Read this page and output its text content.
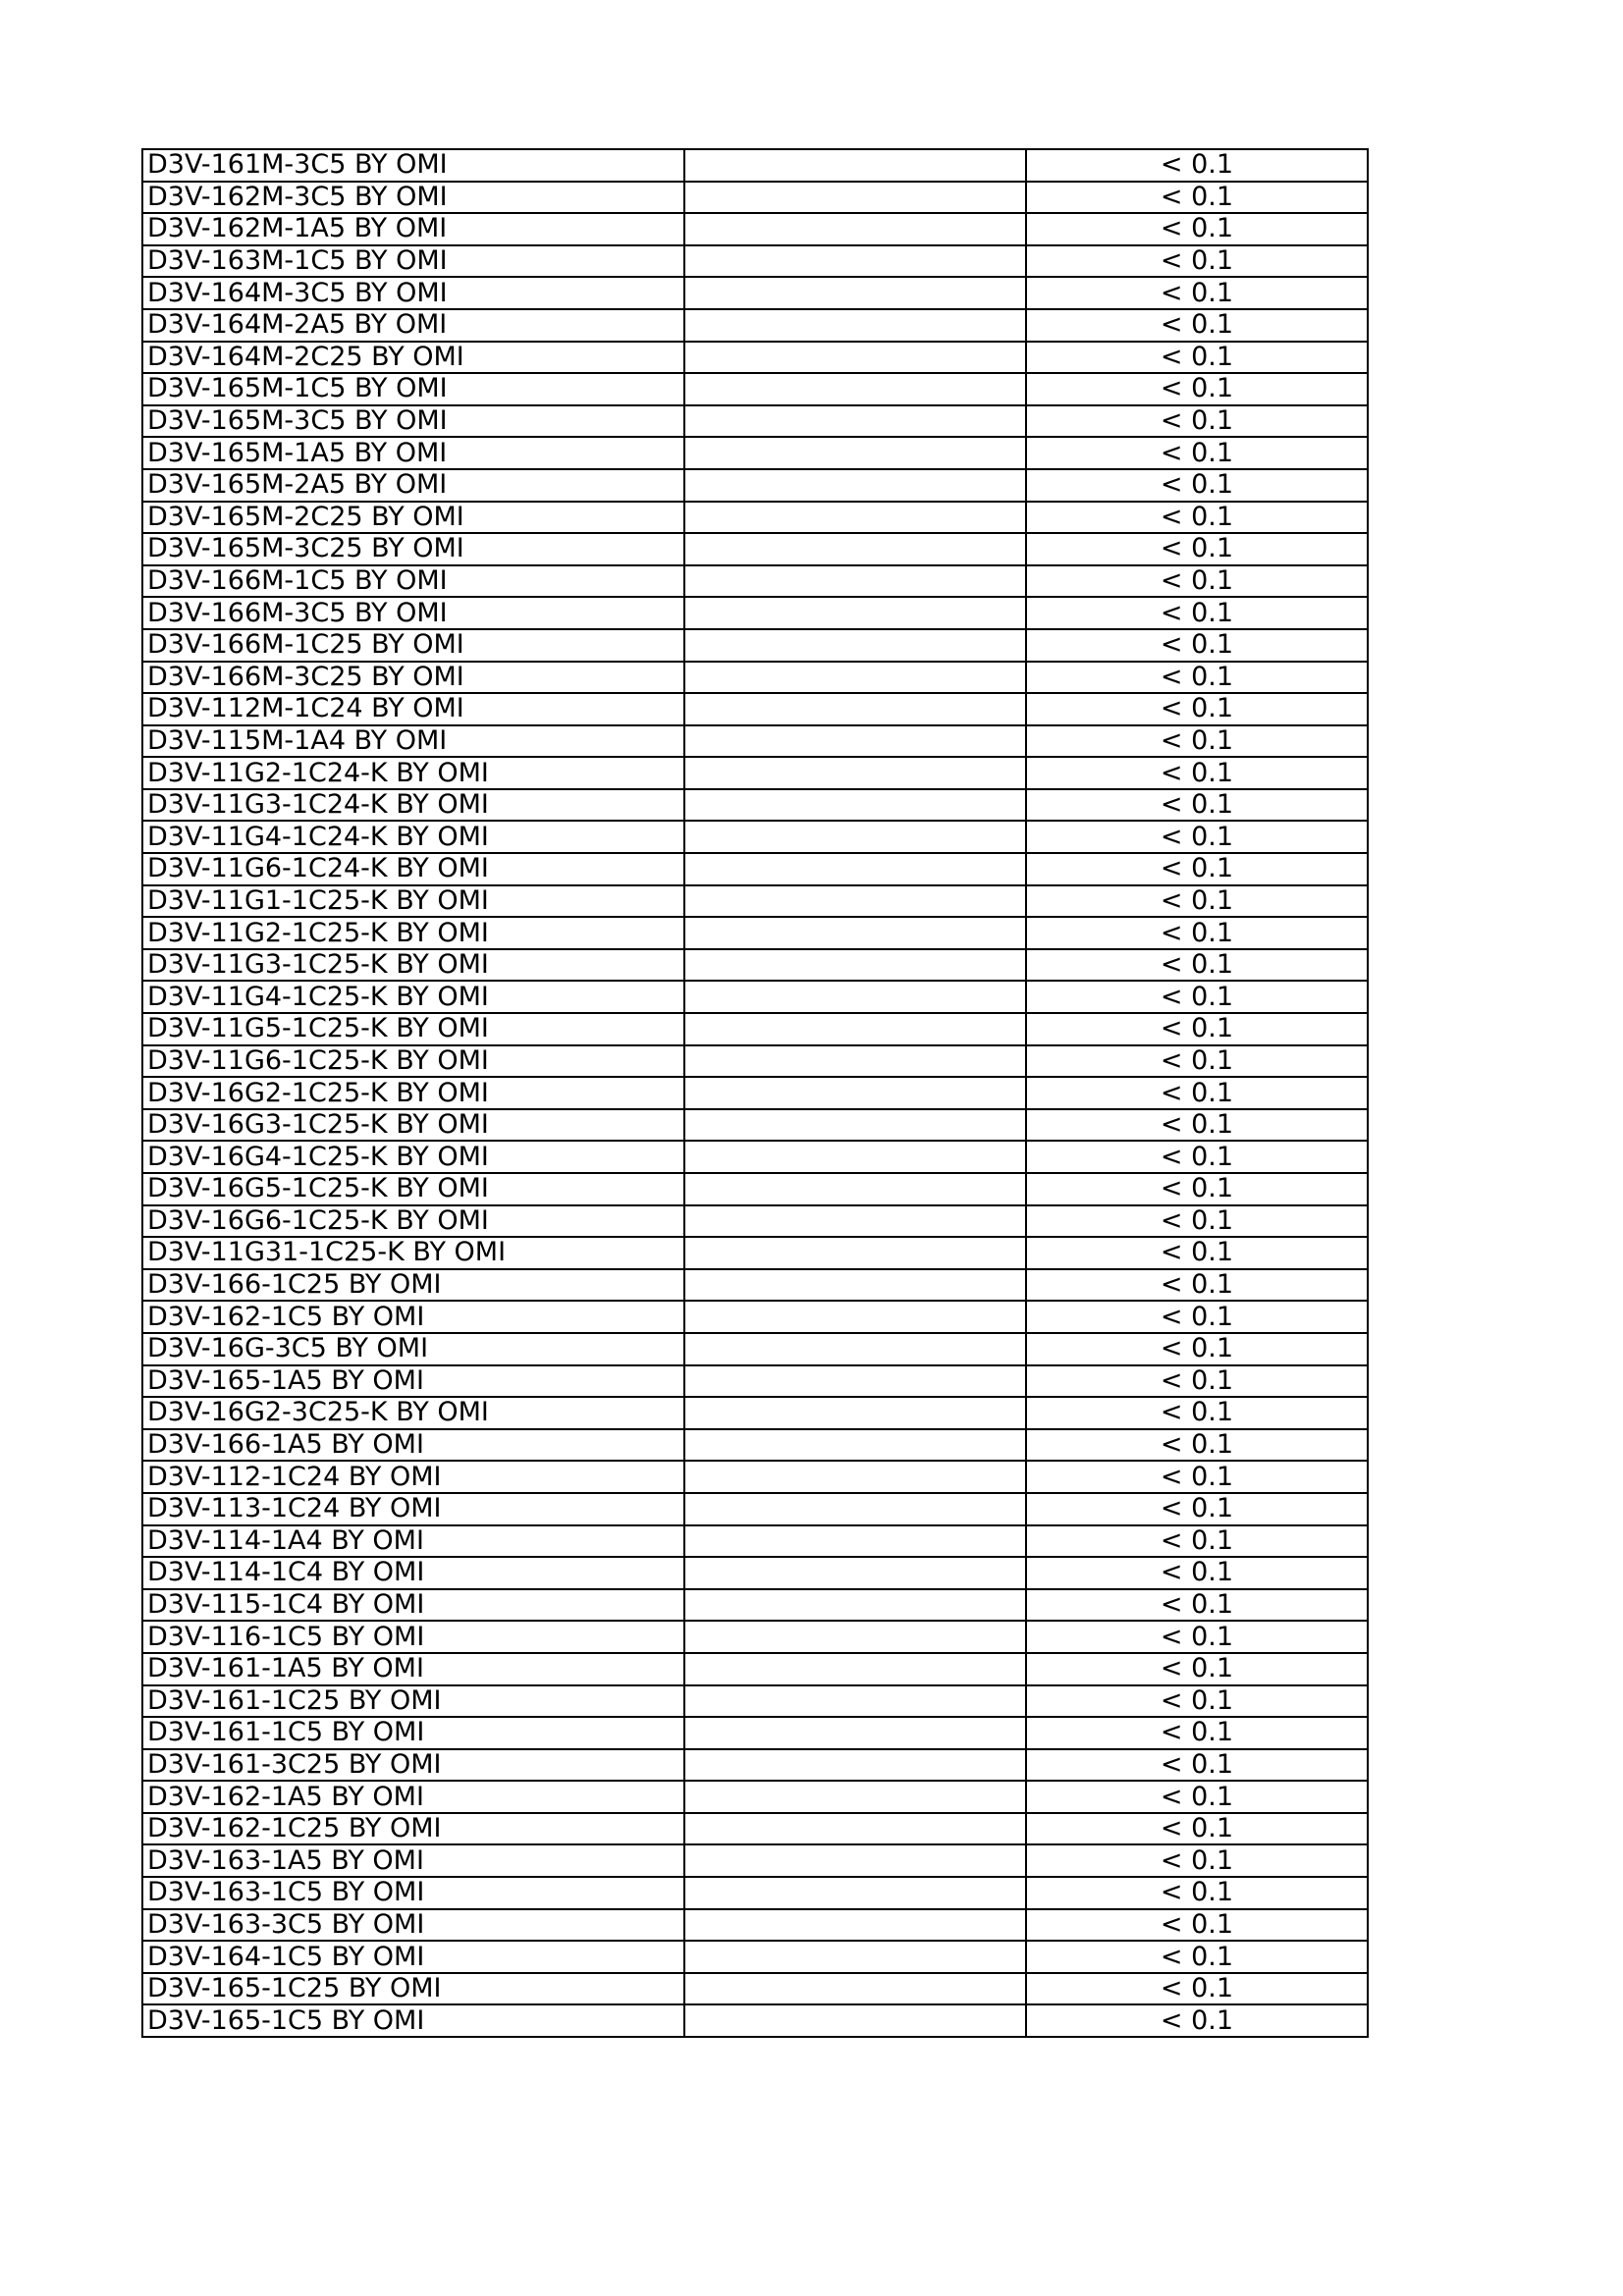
D3V-161M-3C5 BY OMI		< 0.1
D3V-162M-3C5 BY OMI		< 0.1
D3V-162M-1A5 BY OMI		< 0.1
D3V-163M-1C5 BY OMI		< 0.1
D3V-164M-3C5 BY OMI		< 0.1
D3V-164M-2A5 BY OMI		< 0.1
D3V-164M-2C25 BY OMI		< 0.1
D3V-165M-1C5 BY OMI		< 0.1
D3V-165M-3C5 BY OMI		< 0.1
D3V-165M-1A5 BY OMI		< 0.1
D3V-165M-2A5 BY OMI		< 0.1
D3V-165M-2C25 BY OMI		< 0.1
D3V-165M-3C25 BY OMI		< 0.1
D3V-166M-1C5 BY OMI		< 0.1
D3V-166M-3C5 BY OMI		< 0.1
D3V-166M-1C25 BY OMI		< 0.1
D3V-166M-3C25 BY OMI		< 0.1
D3V-112M-1C24 BY OMI		< 0.1
D3V-115M-1A4 BY OMI		< 0.1
D3V-11G2-1C24-K BY OMI		< 0.1
D3V-11G3-1C24-K BY OMI		< 0.1
D3V-11G4-1C24-K BY OMI		< 0.1
D3V-11G6-1C24-K BY OMI		< 0.1
D3V-11G1-1C25-K BY OMI		< 0.1
D3V-11G2-1C25-K BY OMI		< 0.1
D3V-11G3-1C25-K BY OMI		< 0.1
D3V-11G4-1C25-K BY OMI		< 0.1
D3V-11G5-1C25-K BY OMI		< 0.1
D3V-11G6-1C25-K BY OMI		< 0.1
D3V-16G2-1C25-K BY OMI		< 0.1
D3V-16G3-1C25-K BY OMI		< 0.1
D3V-16G4-1C25-K BY OMI		< 0.1
D3V-16G5-1C25-K BY OMI		< 0.1
D3V-16G6-1C25-K BY OMI		< 0.1
D3V-11G31-1C25-K BY OMI		< 0.1
D3V-166-1C25 BY OMI		< 0.1
D3V-162-1C5 BY OMI		< 0.1
D3V-16G-3C5 BY OMI		< 0.1
D3V-165-1A5 BY OMI		< 0.1
D3V-16G2-3C25-K BY OMI		< 0.1
D3V-166-1A5 BY OMI		< 0.1
D3V-112-1C24 BY OMI		< 0.1
D3V-113-1C24 BY OMI		< 0.1
D3V-114-1A4 BY OMI		< 0.1
D3V-114-1C4 BY OMI		< 0.1
D3V-115-1C4 BY OMI		< 0.1
D3V-116-1C5 BY OMI		< 0.1
D3V-161-1A5 BY OMI		< 0.1
D3V-161-1C25 BY OMI		< 0.1
D3V-161-1C5 BY OMI		< 0.1
D3V-161-3C25 BY OMI		< 0.1
D3V-162-1A5 BY OMI		< 0.1
D3V-162-1C25 BY OMI		< 0.1
D3V-163-1A5 BY OMI		< 0.1
D3V-163-1C5 BY OMI		< 0.1
D3V-163-3C5 BY OMI		< 0.1
D3V-164-1C5 BY OMI		< 0.1
D3V-165-1C25 BY OMI		< 0.1
D3V-165-1C5 BY OMI		< 0.1
